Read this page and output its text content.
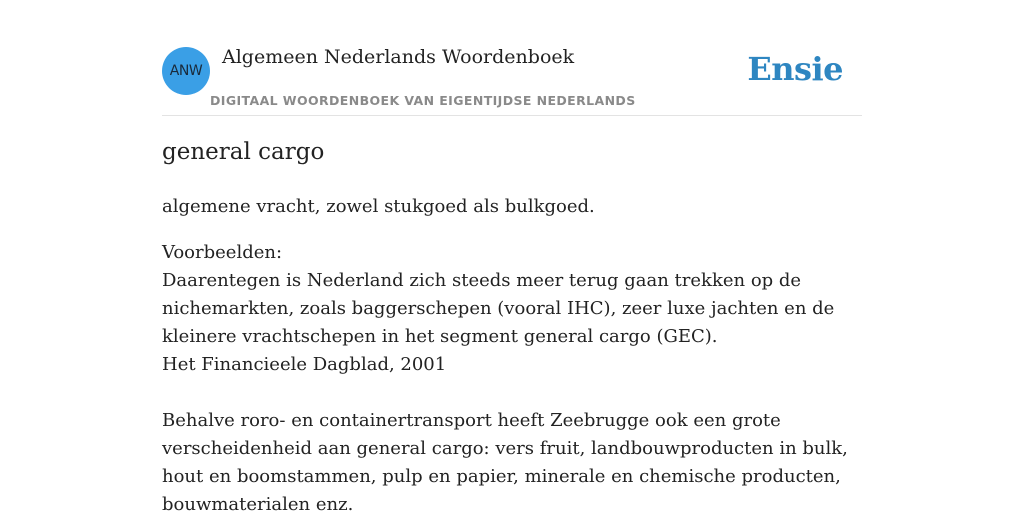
ANW
Algemeen Nederlands Woordenboek
DIGITAAL WOORDENBOEK VAN EIGENTIJDSE NEDERLANDS
Ensie
general cargo
algemene vracht, zowel stukgoed als bulkgoed.
Voorbeelden:
Daarentegen is Nederland zich steeds meer terug gaan trekken op de nichemarkten, zoals baggerschepen (vooral IHC), zeer luxe jachten en de kleinere vrachtschepen in het segment general cargo (GEC).
Het Financieele Dagblad, 2001
Behalve roro- en containertransport heeft Zeebrugge ook een grote verscheidenheid aan general cargo: vers fruit, landbouwproducten in bulk, hout en boomstammen, pulp en papier, minerale en chemische producten, bouwmaterialen enz.
